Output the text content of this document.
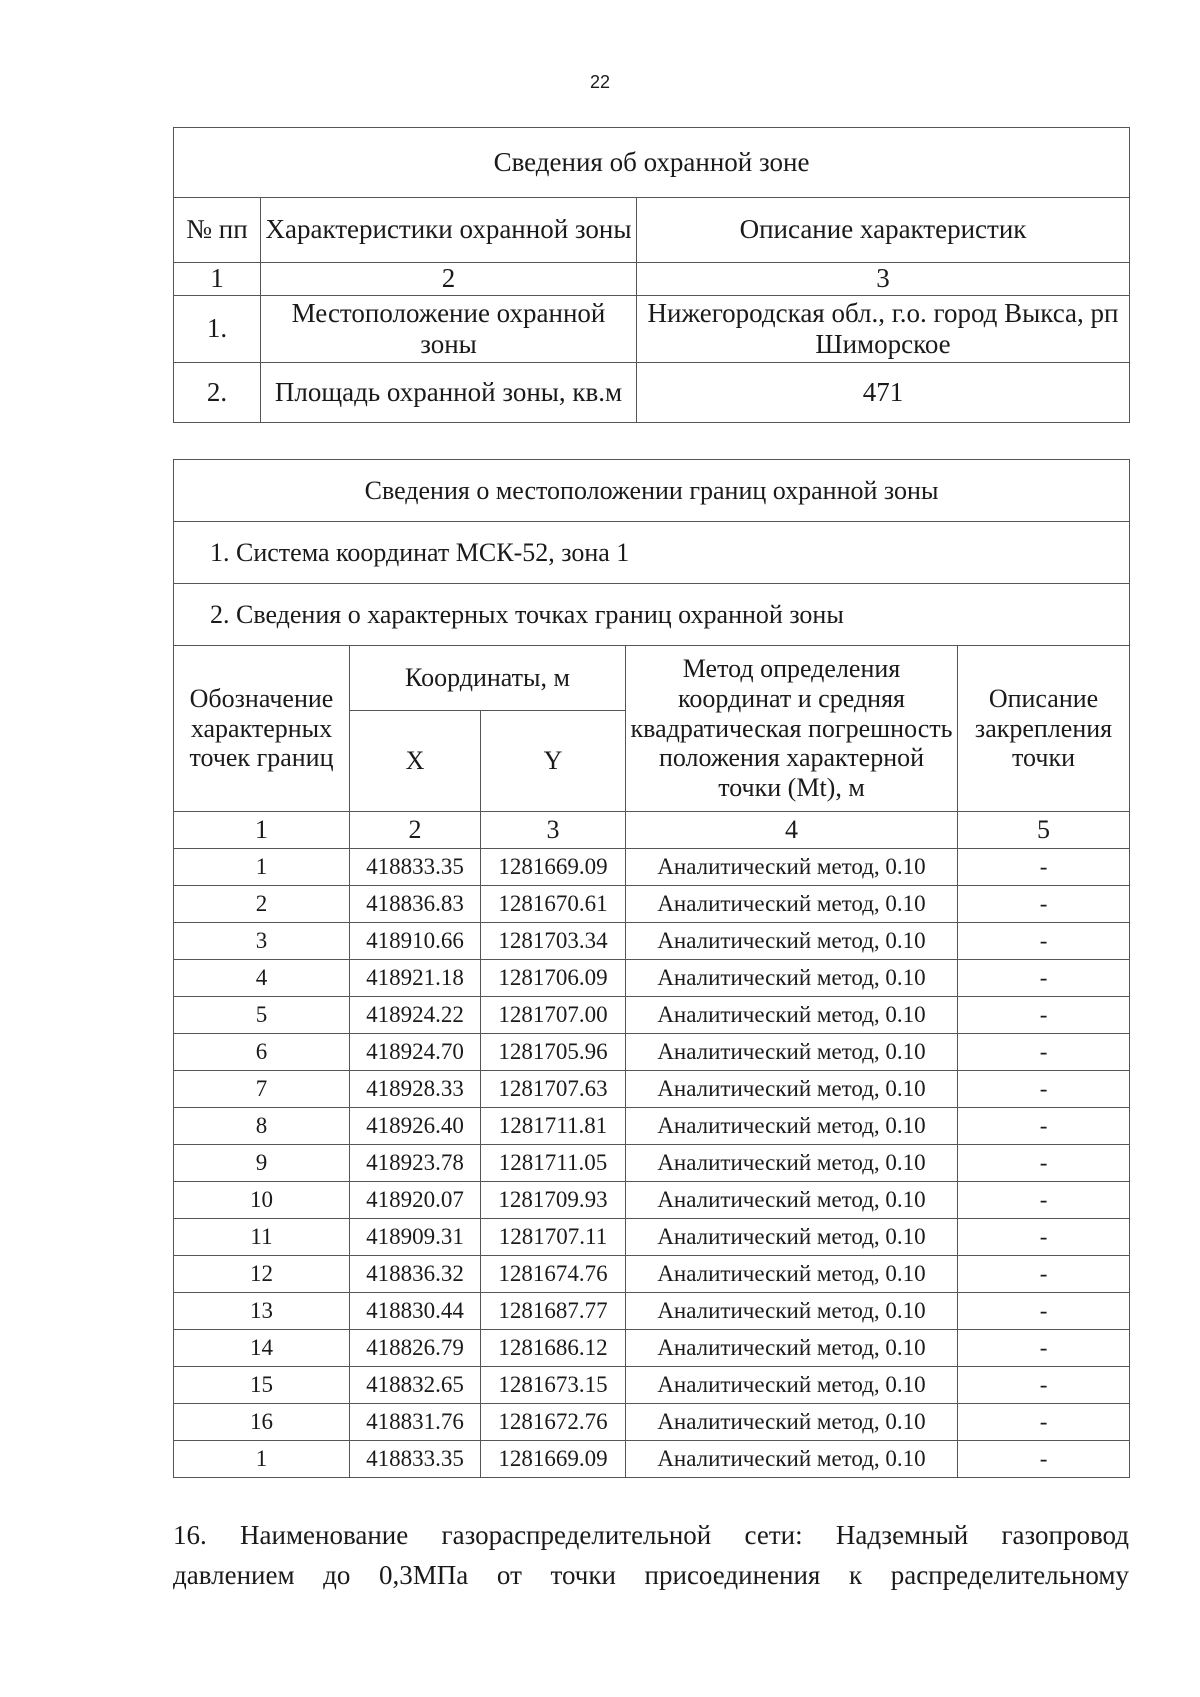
22
Сведения об охранной зоне		
№ пп	Характеристики охранной зоны	Описание характеристик
1	2	3
1.	Местоположение охранной зоны	Нижегородская обл., г.о. город Выкса, рп Шиморское
2.	Площадь охранной зоны, кв.м	471
Сведения о местоположении границ охранной зоны				
1. Система координат МСК-52, зона 1				
2. Сведения о характерных точках границ охранной зоны				
Обозначение характерных точек границ	Координаты, м		Метод определения координат и средняя квадратическая погрешность положения характерной точки (Mt), м	Описание закрепления точки
	X	Y		
1	2	3	4	5
1	418833.35	1281669.09	Аналитический метод, 0.10	-
2	418836.83	1281670.61	Аналитический метод, 0.10	-
3	418910.66	1281703.34	Аналитический метод, 0.10	-
4	418921.18	1281706.09	Аналитический метод, 0.10	-
5	418924.22	1281707.00	Аналитический метод, 0.10	-
6	418924.70	1281705.96	Аналитический метод, 0.10	-
7	418928.33	1281707.63	Аналитический метод, 0.10	-
8	418926.40	1281711.81	Аналитический метод, 0.10	-
9	418923.78	1281711.05	Аналитический метод, 0.10	-
10	418920.07	1281709.93	Аналитический метод, 0.10	-
11	418909.31	1281707.11	Аналитический метод, 0.10	-
12	418836.32	1281674.76	Аналитический метод, 0.10	-
13	418830.44	1281687.77	Аналитический метод, 0.10	-
14	418826.79	1281686.12	Аналитический метод, 0.10	-
15	418832.65	1281673.15	Аналитический метод, 0.10	-
16	418831.76	1281672.76	Аналитический метод, 0.10	-
1	418833.35	1281669.09	Аналитический метод, 0.10	-
16. Наименование газораспределительной сети: Надземный газопровод
давлением до 0,3МПа от точки присоединения к распределительному
